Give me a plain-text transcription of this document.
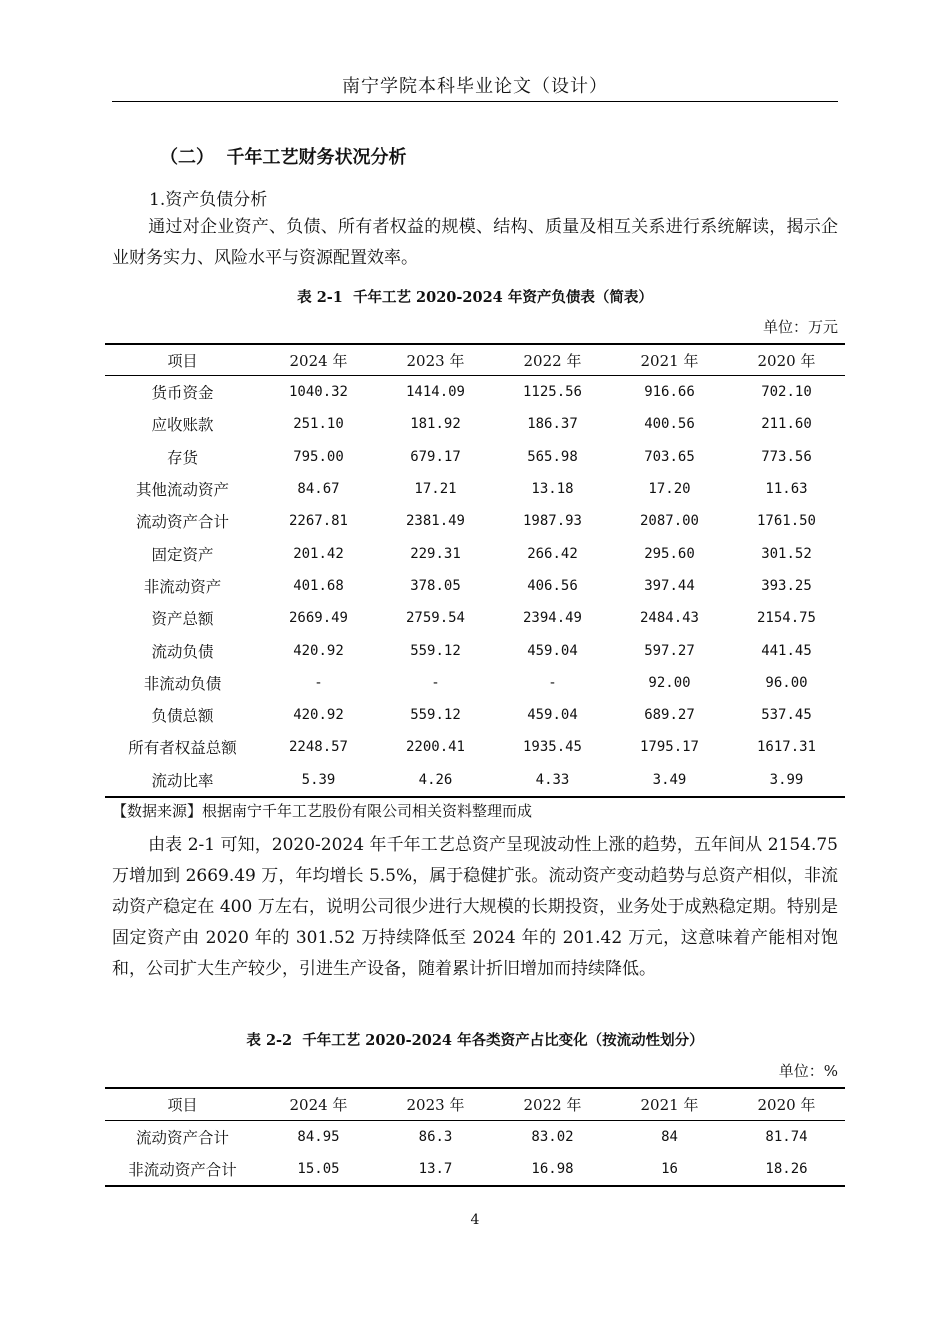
南宁学院本科毕业论文（设计）
（二）  千年工艺财务状况分析
1.资产负债分析
通过对企业资产、负债、所有者权益的规模、结构、质量及相互关系进行系统解读，揭示企业财务实力、风险水平与资源配置效率。
表 2-1  千年工艺 2020-2024 年资产负债表（简表）
单位：万元
项目	2024 年	2023 年	2022 年	2021 年	2020 年
货币资金	1040.32	1414.09	1125.56	916.66	702.10
应收账款	251.10	181.92	186.37	400.56	211.60
存货	795.00	679.17	565.98	703.65	773.56
其他流动资产	84.67	17.21	13.18	17.20	11.63
流动资产合计	2267.81	2381.49	1987.93	2087.00	1761.50
固定资产	201.42	229.31	266.42	295.60	301.52
非流动资产	401.68	378.05	406.56	397.44	393.25
资产总额	2669.49	2759.54	2394.49	2484.43	2154.75
流动负债	420.92	559.12	459.04	597.27	441.45
非流动负债	-	-	-	92.00	96.00
负债总额	420.92	559.12	459.04	689.27	537.45
所有者权益总额	2248.57	2200.41	1935.45	1795.17	1617.31
流动比率	5.39	4.26	4.33	3.49	3.99
【数据来源】根据南宁千年工艺股份有限公司相关资料整理而成
由表 2-1 可知，2020-2024 年千年工艺总资产呈现波动性上涨的趋势，五年间从 2154.75 万增加到 2669.49 万，年均增长 5.5%，属于稳健扩张。流动资产变动趋势与总资产相似，非流动资产稳定在 400 万左右，说明公司很少进行大规模的长期投资，业务处于成熟稳定期。特别是固定资产由 2020 年的 301.52 万持续降低至 2024 年的 201.42 万元，这意味着产能相对饱和，公司扩大生产较少，引进生产设备，随着累计折旧增加而持续降低。
表 2-2  千年工艺 2020-2024 年各类资产占比变化（按流动性划分）
单位：%
项目	2024 年	2023 年	2022 年	2021 年	2020 年
流动资产合计	84.95	86.3	83.02	84	81.74
非流动资产合计	15.05	13.7	16.98	16	18.26
4
